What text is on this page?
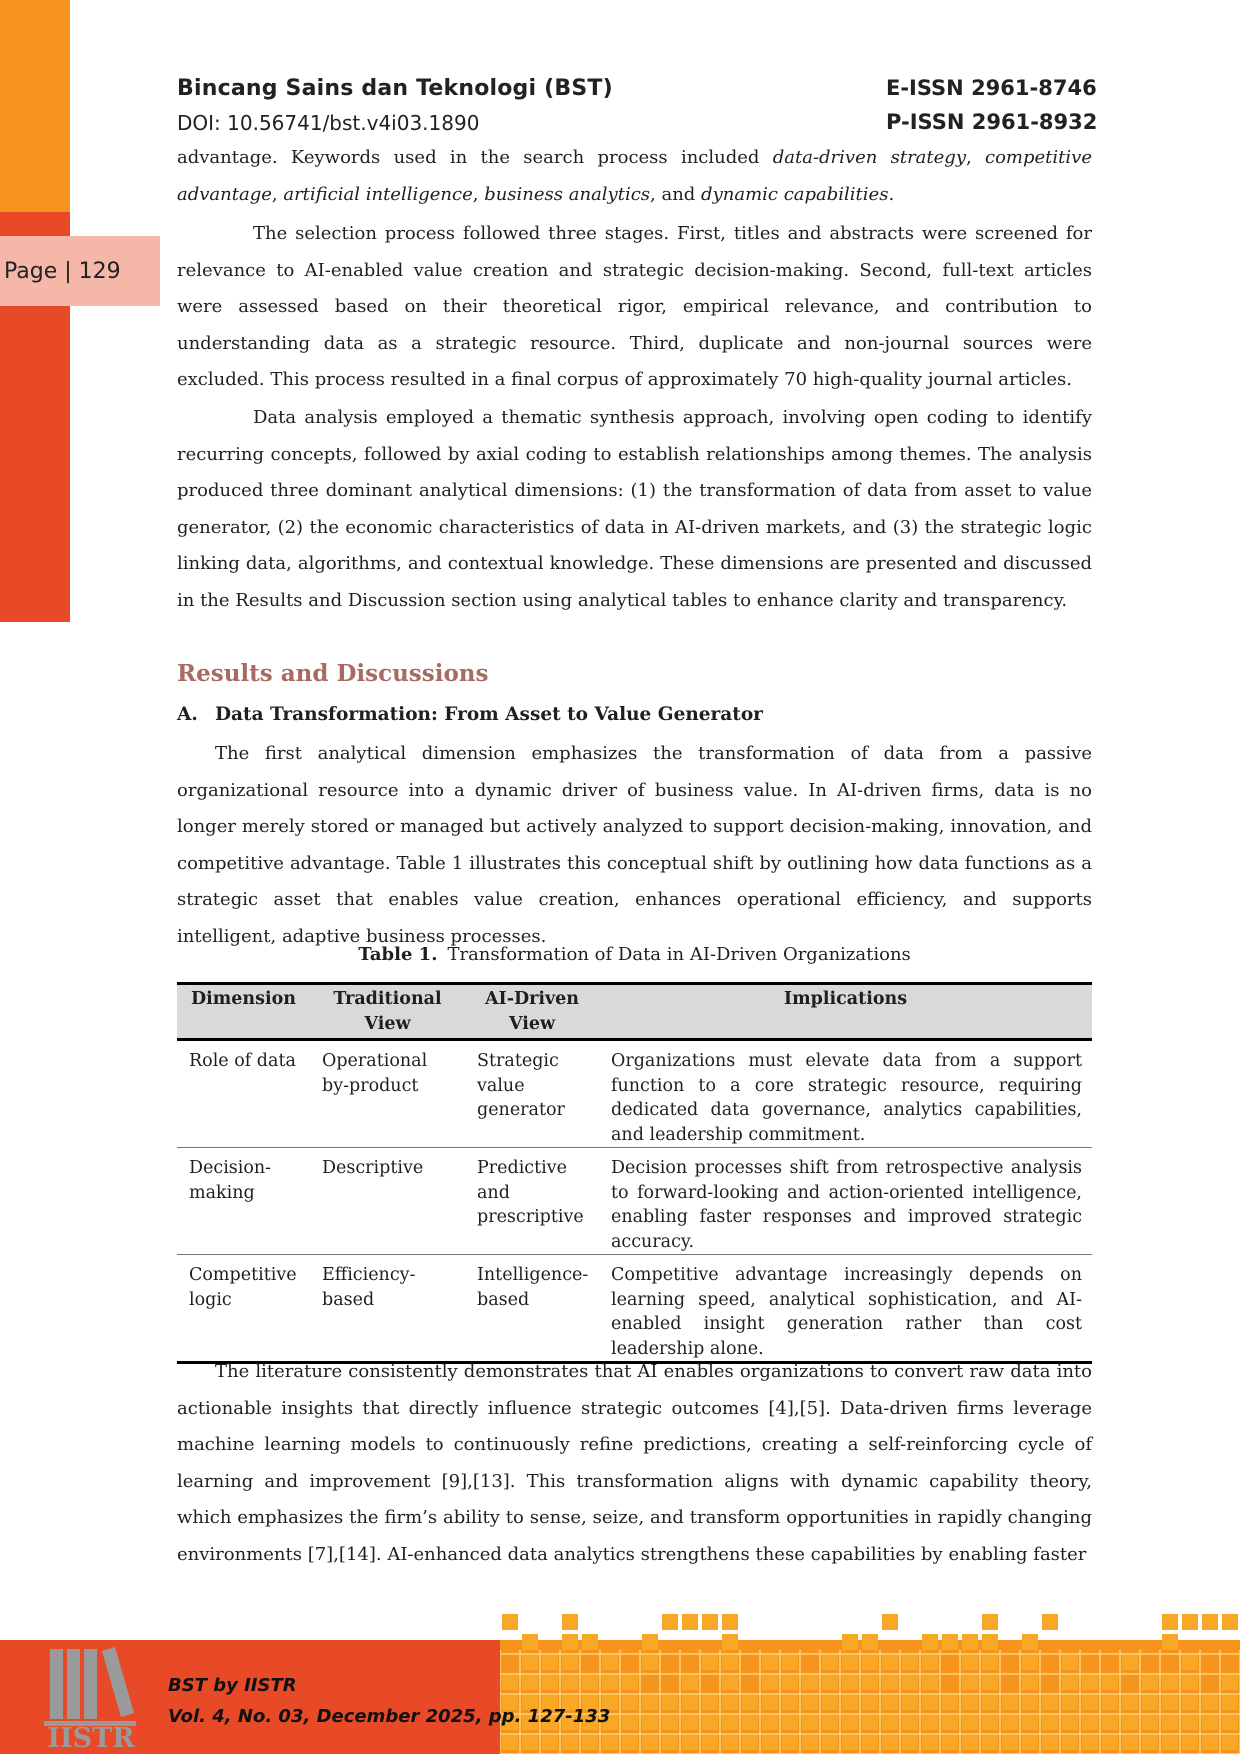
Page | 129
Bincang Sains dan Teknologi (BST)
DOI: 10.56741/bst.v4i03.1890
E-ISSN 2961-8746
P-ISSN 2961-8932

advantage. Keywords used in the search process included data-driven strategy, competitive advantage, artificial intelligence, business analytics, and dynamic capabilities.

The selection process followed three stages. First, titles and abstracts were screened for relevance to AI-enabled value creation and strategic decision-making. Second, full-text articles were assessed based on their theoretical rigor, empirical relevance, and contribution to understanding data as a strategic resource. Third, duplicate and non-journal sources were excluded. This process resulted in a final corpus of approximately 70 high-quality journal articles.

Data analysis employed a thematic synthesis approach, involving open coding to identify recurring concepts, followed by axial coding to establish relationships among themes. The analysis produced three dominant analytical dimensions: (1) the transformation of data from asset to value generator, (2) the economic characteristics of data in AI-driven markets, and (3) the strategic logic linking data, algorithms, and contextual knowledge. These dimensions are presented and discussed in the Results and Discussion section using analytical tables to enhance clarity and transparency.

Results and Discussions
A. Data Transformation: From Asset to Value Generator

The first analytical dimension emphasizes the transformation of data from a passive organizational resource into a dynamic driver of business value. In AI-driven firms, data is no longer merely stored or managed but actively analyzed to support decision-making, innovation, and competitive advantage. Table 1 illustrates this conceptual shift by outlining how data functions as a strategic asset that enables value creation, enhances operational efficiency, and supports intelligent, adaptive business processes.

Table 1. Transformation of Data in AI-Driven Organizations
Dimension	Traditional View	AI-Driven View	Implications
Role of data	Operational by-product	Strategic value generator	Organizations must elevate data from a support function to a core strategic resource, requiring dedicated data governance, analytics capabilities, and leadership commitment.
Decision-making	Descriptive	Predictive and prescriptive	Decision processes shift from retrospective analysis to forward-looking and action-oriented intelligence, enabling faster responses and improved strategic accuracy.
Competitive logic	Efficiency-based	Intelligence-based	Competitive advantage increasingly depends on learning speed, analytical sophistication, and AI-enabled insight generation rather than cost leadership alone.

The literature consistently demonstrates that AI enables organizations to convert raw data into actionable insights that directly influence strategic outcomes [4],[5]. Data-driven firms leverage machine learning models to continuously refine predictions, creating a self-reinforcing cycle of learning and improvement [9],[13]. This transformation aligns with dynamic capability theory, which emphasizes the firm’s ability to sense, seize, and transform opportunities in rapidly changing environments [7],[14]. AI-enhanced data analytics strengthens these capabilities by enabling faster

IISTR
BST by IISTR
Vol. 4, No. 03, December 2025, pp. 127-133
